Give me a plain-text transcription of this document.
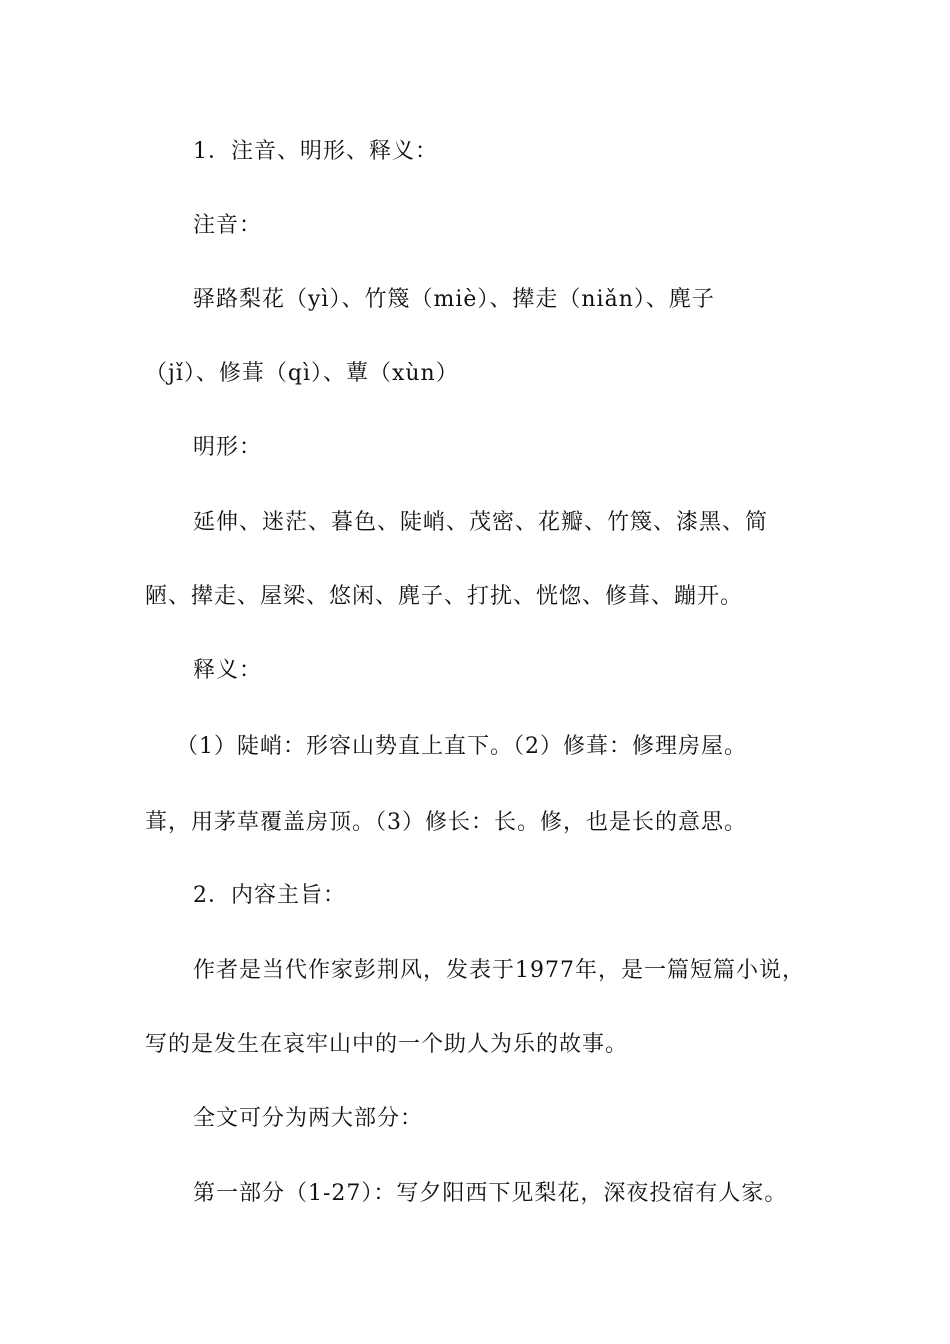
1．注音、明形、释义：
注音：
驿路梨花（yì）、竹篾（miè）、撵走（niǎn）、麂子
（jǐ）、修葺（qì）、蕈（xùn）
明形：
延伸、迷茫、暮色、陡峭、茂密、花瓣、竹篾、漆黑、简
陋、撵走、屋梁、悠闲、麂子、打扰、恍惚、修葺、蹦开。
释义：
（1）陡峭：形容山势直上直下。（2）修葺：修理房屋。
葺，用茅草覆盖房顶。（3）修长：长。修，也是长的意思。
2．内容主旨：
作者是当代作家彭荆风，发表于1977年，是一篇短篇小说，
写的是发生在哀牢山中的一个助人为乐的故事。
全文可分为两大部分：
第一部分（1-27）：写夕阳西下见梨花，深夜投宿有人家。
